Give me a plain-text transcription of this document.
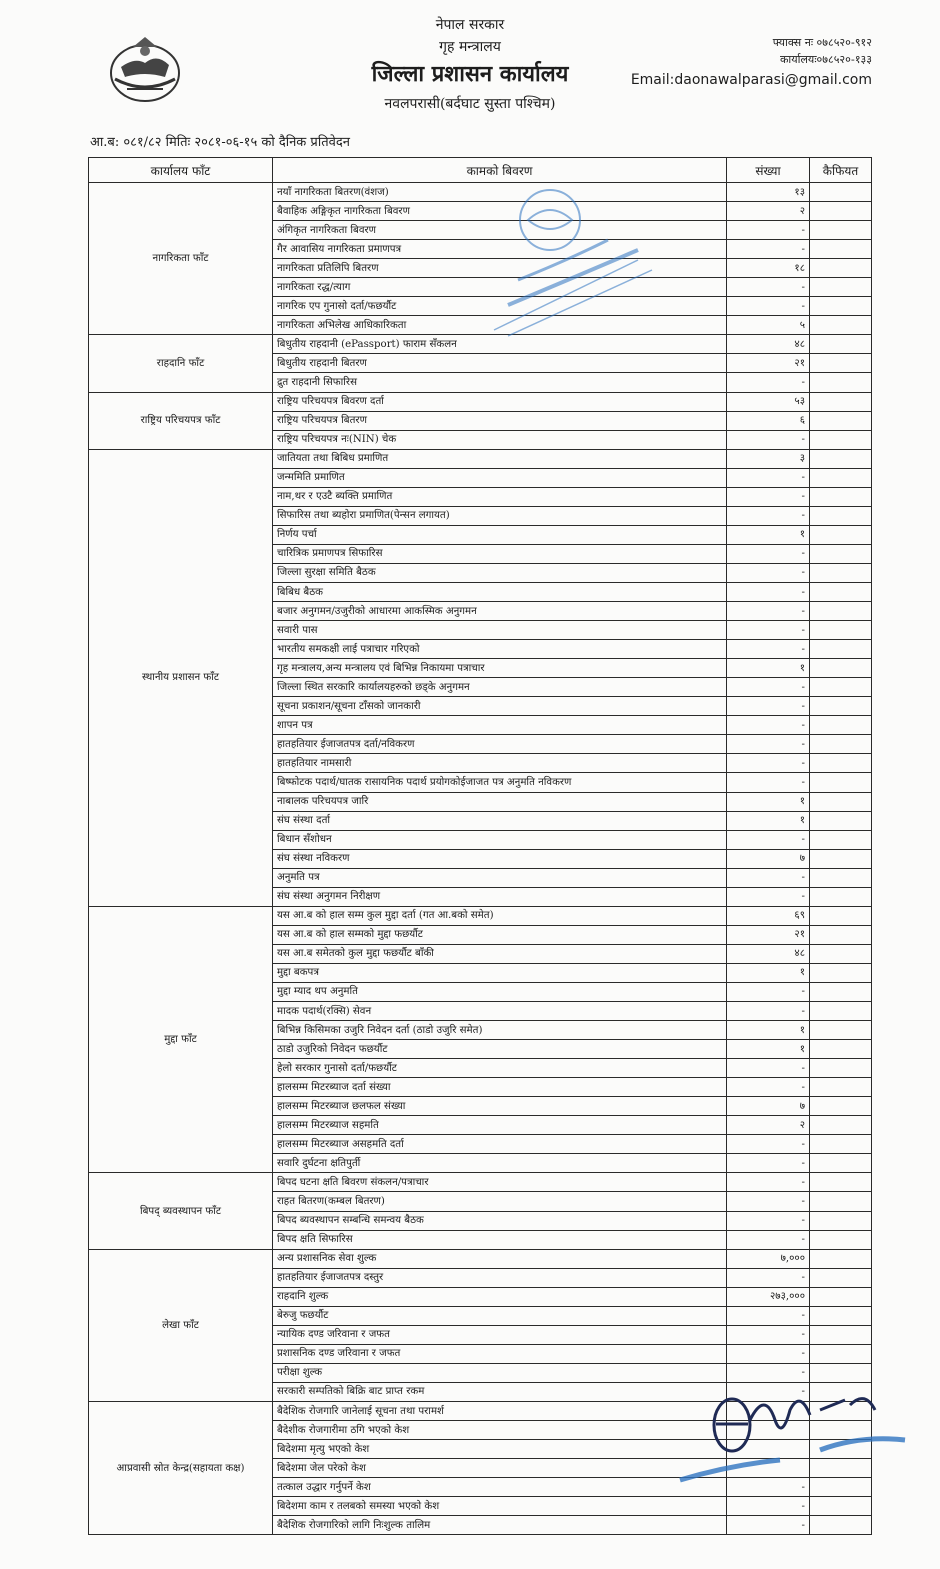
नेपाल सरकार
गृह मन्त्रालय
जिल्ला प्रशासन कार्यालय
नवलपरासी(बर्दघाट सुस्ता पश्चिम)
फ्याक्स नः ०७८५२०-९१२
कार्यालयः०७८५२०-१३३
Email:daonawalparasi@gmail.com
आ.ब: ०८१/८२ मितिः २०८१-०६-१५ को दैनिक प्रतिवेदन
कार्यालय फाँट	कामको बिवरण	संख्या	कैफियत
नागरिकता फाँट	नयाँ नागरिकता बितरण(वंशज)	१३	
	बैवाहिक अङ्गिकृत नागरिकता बिवरण	२	
	अंगिकृत नागरिकता बिवरण	-	
	गैर आवासिय नागरिकता प्रमाणपत्र	-	
	नागरिकता प्रतिलिपि बितरण	१८	
	नागरिकता रद्ध/त्याग	-	
	नागरिक एप गुनासो दर्ता/फछर्यौट	-	
	नागरिकता अभिलेख आधिकारिकता	५	
राहदानि फाँट	बिधुतीय राहदानी (ePassport) फाराम सँकलन	४८	
	बिधुतीय राहदानी बितरण	२१	
	द्रुत राहदानी सिफारिस	-	
राष्ट्रिय परिचयपत्र फाँट	राष्ट्रिय परिचयपत्र बिवरण दर्ता	५३	
	राष्ट्रिय परिचयपत्र बितरण	६	
	राष्ट्रिय परिचयपत्र नः(NIN) चेक	-	
स्थानीय प्रशासन फाँट	जातियता तथा बिबिध प्रमाणित	३	
	जन्ममिति प्रमाणित	-	
	नाम,थर र एउटै ब्यक्ति प्रमाणित	-	
	सिफारिस तथा ब्यहोरा प्रमाणित(पेन्सन लगायत)	-	
	निर्णय पर्चा	१	
	चारित्रिक प्रमाणपत्र सिफारिस	-	
	जिल्ला सुरक्षा समिति बैठक	-	
	बिबिध बैठक	-	
	बजार अनुगमन/उजुरीको आधारमा आकस्मिक अनुगमन	-	
	सवारी पास	-	
	भारतीय समकक्षी लाई पत्राचार गरिएको	-	
	गृह मन्त्रालय,अन्य मन्त्रालय एवं बिभिन्न निकायमा पत्राचार	१	
	जिल्ला स्थित सरकारि कार्यालयहरुको छड्के अनुगमन	-	
	सूचना प्रकाशन/सूचना टाँसको जानकारी	-	
	शापन पत्र	-	
	हातहतियार ईजाजतपत्र दर्ता/नविकरण	-	
	हातहतियार नामसारी	-	
	बिष्फोटक पदार्थ/घातक रासायनिक पदार्थ प्रयोगकोईजाजत पत्र अनुमति नविकरण	-	
	नाबालक परिचयपत्र जारि	१	
	संघ संस्था दर्ता	१	
	बिधान सँशोधन	-	
	संघ संस्था नविकरण	७	
	अनुमति पत्र	-	
	संघ संस्था अनुगमन निरीक्षण	-	
मुद्दा फाँट	यस आ.ब को हाल सम्म कुल मुद्दा दर्ता (गत आ.बको समेत)	६९	
	यस आ.ब को हाल सम्मको मुद्दा फछर्यौट	२१	
	यस आ.ब समेतको कुल मुद्दा फछर्यौट बाँकी	४८	
	मुद्दा बकपत्र	१	
	मुद्दा म्याद थप अनुमति	-	
	मादक पदार्थ(रक्सि) सेवन	-	
	बिभिन्न किसिमका उजुरि निवेदन दर्ता (ठाडो उजुरि समेत)	१	
	ठाडो उजुरिको निवेदन फछर्यौट	१	
	हेलो सरकार गुनासो दर्ता/फछर्यौट	-	
	हालसम्म मिटरब्याज दर्ता संख्या	-	
	हालसम्म मिटरब्याज छलफल संख्या	७	
	हालसम्म मिटरब्याज सहमति	२	
	हालसम्म मिटरब्याज असहमति दर्ता	-	
	सवारि दुर्घटना क्षतिपुर्ती	-	
बिपद् ब्यवस्थापन फाँट	बिपद घटना क्षति बिवरण संकलन/पत्राचार	-	
	राहत बितरण(कम्बल बितरण)	-	
	बिपद ब्यवस्थापन सम्बन्धि समन्वय बैठक	-	
	बिपद क्षति सिफारिस	-	
लेखा फाँट	अन्य प्रशासनिक सेवा शुल्क	७,०००	
	हातहतियार ईजाजतपत्र दस्तुर	-	
	राहदानि शुल्क	२७३,०००	
	बेरुजु फछर्यौट	-	
	न्यायिक दण्ड जरिवाना र जफत	-	
	प्रशासनिक दण्ड जरिवाना र जफत	-	
	परीक्षा शुल्क	-	
	सरकारी सम्पतिको बिक्रि बाट प्राप्त रकम	-	
आप्रवासी स्रोत केन्द्र(सहायता कक्ष)	बैदेशिक रोजगारि जानेलाई सूचना तथा परामर्श		
	बैदेशीक रोजगारीमा ठगि भएको केश		
	बिदेशमा मृत्यु भएको केश		
	बिदेशमा जेल परेको केश		
	तत्काल उद्धार गर्नुपर्ने केश	-	
	बिदेशमा काम र तलबको समस्या भएको केश	-	
	बैदेशिक रोजगारिको लागि निःशुल्क तालिम	-	
